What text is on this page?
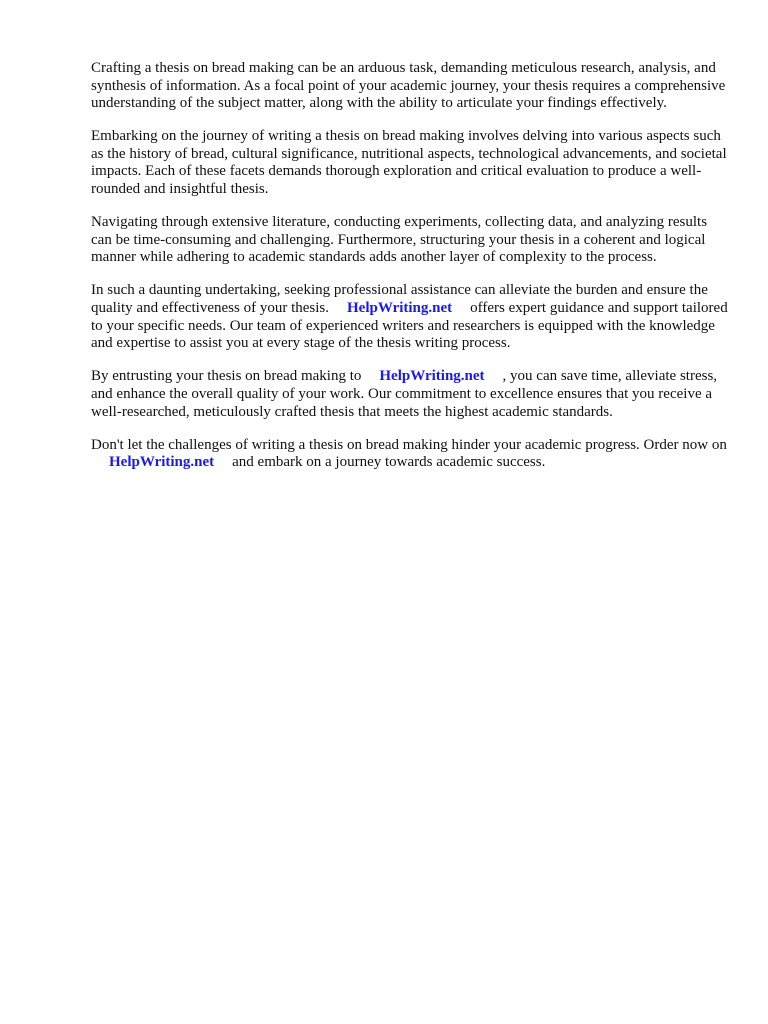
Crafting a thesis on bread making can be an arduous task, demanding meticulous research, analysis, and synthesis of information. As a focal point of your academic journey, your thesis requires a comprehensive understanding of the subject matter, along with the ability to articulate your findings effectively.

Embarking on the journey of writing a thesis on bread making involves delving into various aspects such as the history of bread, cultural significance, nutritional aspects, technological advancements, and societal impacts. Each of these facets demands thorough exploration and critical evaluation to produce a well-rounded and insightful thesis.

Navigating through extensive literature, conducting experiments, collecting data, and analyzing results can be time-consuming and challenging. Furthermore, structuring your thesis in a coherent and logical manner while adhering to academic standards adds another layer of complexity to the process.

In such a daunting undertaking, seeking professional assistance can alleviate the burden and ensure the quality and effectiveness of your thesis. HelpWriting.net offers expert guidance and support tailored to your specific needs. Our team of experienced writers and researchers is equipped with the knowledge and expertise to assist you at every stage of the thesis writing process.

By entrusting your thesis on bread making to HelpWriting.net , you can save time, alleviate stress, and enhance the overall quality of your work. Our commitment to excellence ensures that you receive a well-researched, meticulously crafted thesis that meets the highest academic standards.

Don't let the challenges of writing a thesis on bread making hinder your academic progress. Order now onHelpWriting.net and embark on a journey towards academic success.
